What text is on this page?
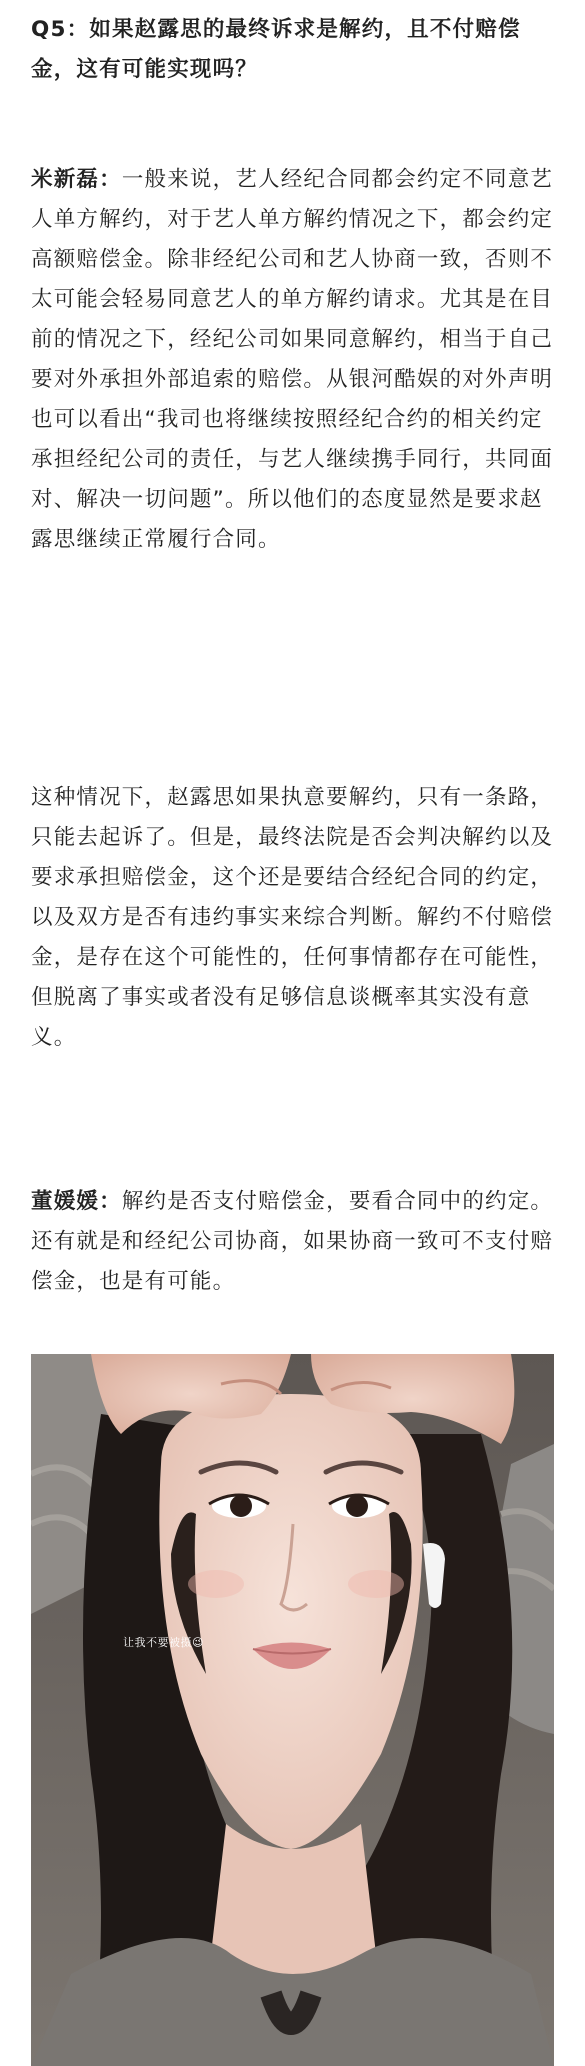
Q5：如果赵露思的最终诉求是解约，且不付赔偿金，这有可能实现吗？
米新磊：一般来说，艺人经纪合同都会约定不同意艺人单方解约，对于艺人单方解约情况之下，都会约定高额赔偿金。除非经纪公司和艺人协商一致，否则不太可能会轻易同意艺人的单方解约请求。尤其是在目前的情况之下，经纪公司如果同意解约，相当于自己要对外承担外部追索的赔偿。从银河酷娱的对外声明也可以看出“我司也将继续按照经纪合约的相关约定承担经纪公司的责任，与艺人继续携手同行，共同面对、解决一切问题”。所以他们的态度显然是要求赵露思继续正常履行合同。
这种情况下，赵露思如果执意要解约，只有一条路，只能去起诉了。但是，最终法院是否会判决解约以及要求承担赔偿金，这个还是要结合经纪合同的约定，以及双方是否有违约事实来综合判断。解约不付赔偿金，是存在这个可能性的，任何事情都存在可能性，但脱离了事实或者没有足够信息谈概率其实没有意义。
董媛媛：解约是否支付赔偿金，要看合同中的约定。还有就是和经纪公司协商，如果协商一致可不支付赔偿金，也是有可能。
让我不要被摄😉
